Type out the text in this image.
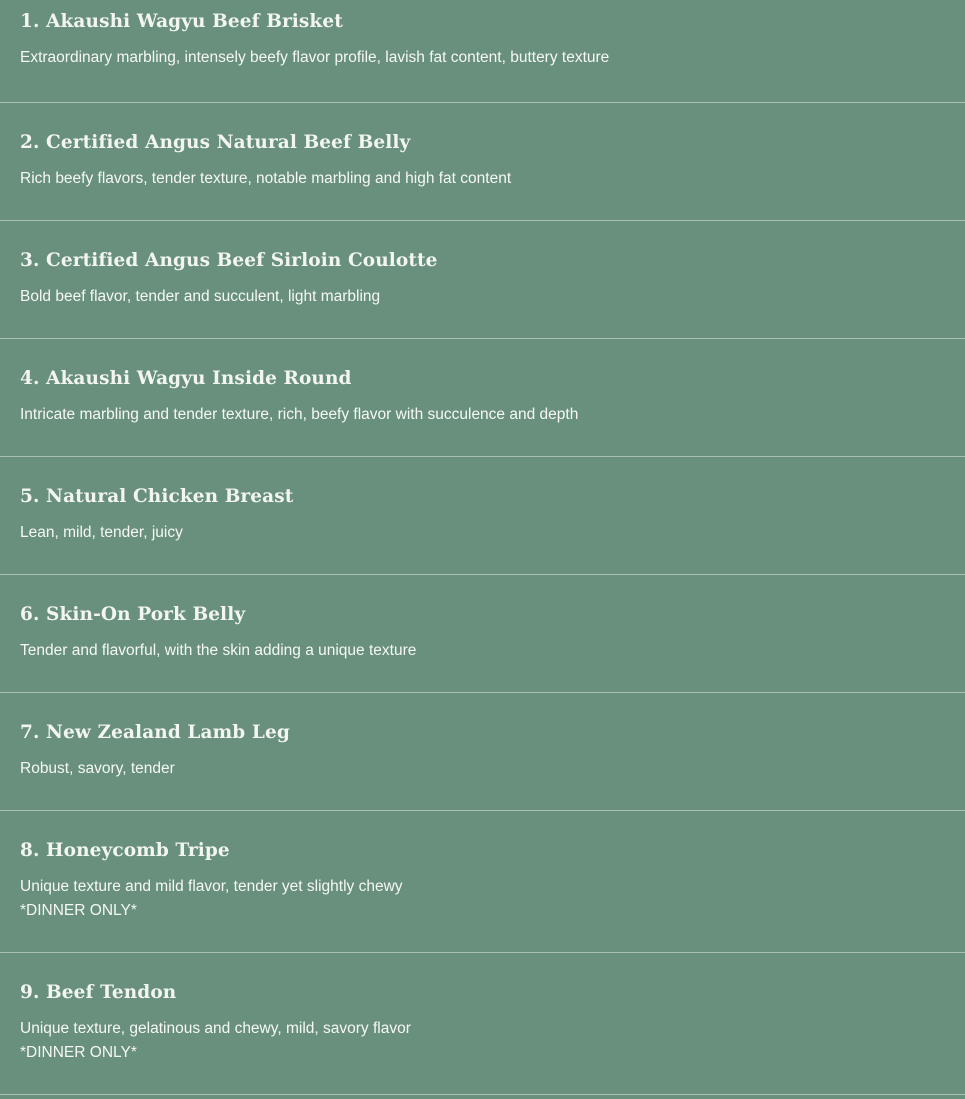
1. Akaushi Wagyu Beef Brisket

Extraordinary marbling, intensely beefy flavor profile, lavish fat content, buttery texture

2. Certified Angus Natural Beef Belly

Rich beefy flavors, tender texture, notable marbling and high fat content

3. Certified Angus Beef Sirloin Coulotte

Bold beef flavor, tender and succulent, light marbling

4. Akaushi Wagyu Inside Round

Intricate marbling and tender texture, rich, beefy flavor with succulence and depth

5. Natural Chicken Breast

Lean, mild, tender, juicy

6. Skin-On Pork Belly

Tender and flavorful, with the skin adding a unique texture

7. New Zealand Lamb Leg

Robust, savory, tender

8. Honeycomb Tripe

Unique texture and mild flavor, tender yet slightly chewy

*DINNER ONLY*

9. Beef Tendon

Unique texture, gelatinous and chewy, mild, savory flavor

*DINNER ONLY*
